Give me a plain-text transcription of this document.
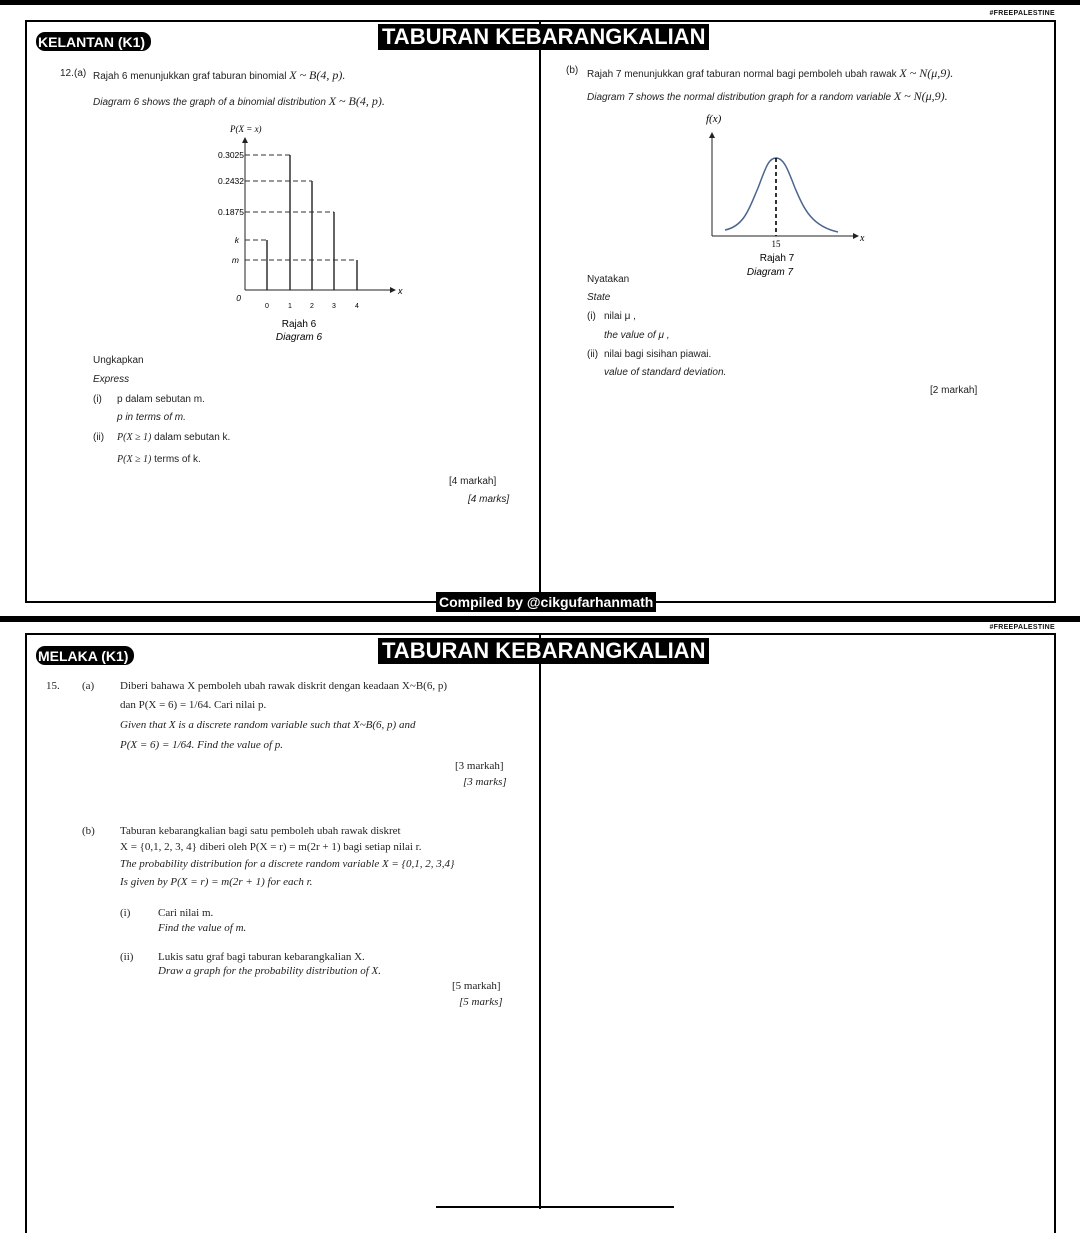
#FREEPALESTINE
KELANTAN (K1)	TABURAN KEBARANGKALIAN
12. (a) Rajah 6 menunjukkan graf taburan binomial X ~ B(4, p).
Diagram 6 shows the graph of a binomial distribution X ~ B(4, p).
P(X = x)
0.3025
0.2432
0.1875
k
m
0
0	1	2	3	4
x
Rajah 6
Diagram 6
Ungkapkan
Express
(i) p dalam sebutan m.
p in terms of m.
(ii) P(X ≥ 1) dalam sebutan k.
P(X ≥ 1) terms of k.
[4 markah]
[4 marks]
(b) Rajah 7 menunjukkan graf taburan normal bagi pemboleh ubah rawak X ~ N(μ,9).
Diagram 7 shows the normal distribution graph for a random variable X ~ N(μ,9).
f(x)
x
15
Rajah 7
Diagram 7
Nyatakan
State
(i) nilai μ ,
the value of μ ,
(ii) nilai bagi sisihan piawai.
value of standard deviation.
[2 markah]
Compiled by @cikgufarhanmath
#FREEPALESTINE
MELAKA (K1)	TABURAN KEBARANGKALIAN
15. (a) Diberi bahawa X pemboleh ubah rawak diskrit dengan keadaan X~B(6, p)
dan P(X = 6) = 1/64. Cari nilai p.
Given that X is a discrete random variable such that X~B(6, p) and
P(X = 6) = 1/64. Find the value of p.
[3 markah]
[3 marks]
(b) Taburan kebarangkalian bagi satu pemboleh ubah rawak diskret
X = {0,1, 2, 3, 4} diberi oleh P(X = r) = m(2r + 1) bagi setiap nilai r.
The probability distribution for a discrete random variable X = {0,1, 2, 3,4}
Is given by P(X = r) = m(2r + 1) for each r.
(i)	Cari nilai m.
Find the value of m.
(ii) Lukis satu graf bagi taburan kebarangkalian X.
Draw a graph for the probability distribution of X.
[5 markah]
[5 marks]
